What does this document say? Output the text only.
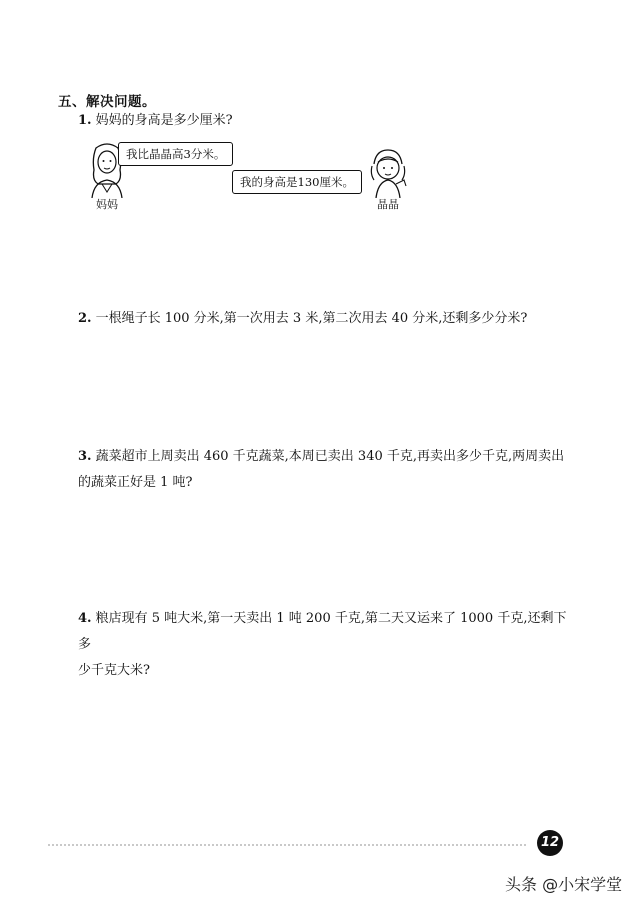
五、解决问题。
1. 妈妈的身高是多少厘米?
我比晶晶高3分米。
妈妈
我的身高是130厘米。
晶晶
2. 一根绳子长 100 分米,第一次用去 3 米,第二次用去 40 分米,还剩多少分米?
3. 蔬菜超市上周卖出 460 千克蔬菜,本周已卖出 340 千克,再卖出多少千克,两周卖出
的蔬菜正好是 1 吨?
4. 粮店现有 5 吨大米,第一天卖出 1 吨 200 千克,第二天又运来了 1000 千克,还剩下多
少千克大米?
12
头条 @小宋学堂
